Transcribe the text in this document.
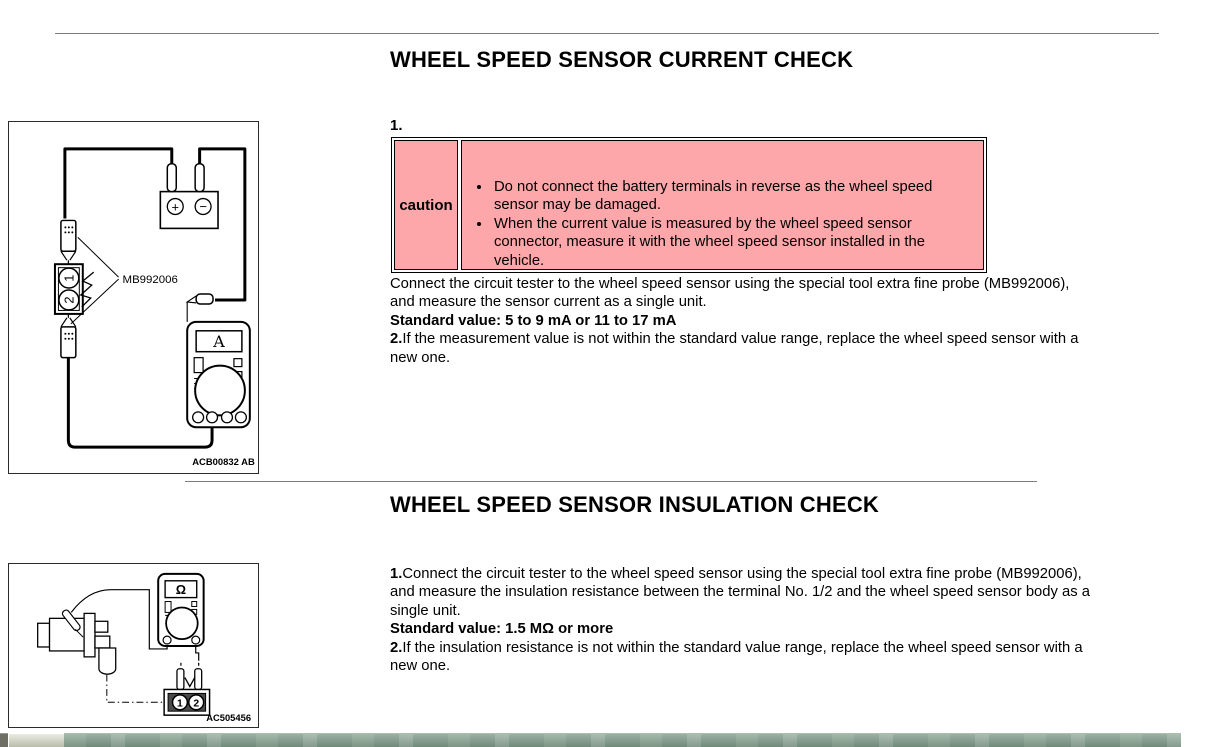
WHEEL SPEED SENSOR CURRENT CHECK
1.
caution
• Do not connect the battery terminals in reverse as the wheel speed sensor may be damaged.
• When the current value is measured by the wheel speed sensor connector, measure it with the wheel speed sensor installed in the vehicle.

Connect the circuit tester to the wheel speed sensor using the special tool extra fine probe (MB992006), and measure the sensor current as a single unit.

Standard value: 5 to 9 mA or 11 to 17 mA

2.If the measurement value is not within the standard value range, replace the wheel speed sensor with a new one.

+ −
1
2
MB992006
A
ACB00832 AB
WHEEL SPEED SENSOR INSULATION CHECK

1.Connect the circuit tester to the wheel speed sensor using the special tool extra fine probe (MB992006), and measure the insulation resistance between the terminal No. 1/2 and the wheel speed sensor body as a single unit.

Standard value: 1.5 MΩ or more

2.If the insulation resistance is not within the standard value range, replace the wheel speed sensor with a new one.

Ω
1 2
AC505456
